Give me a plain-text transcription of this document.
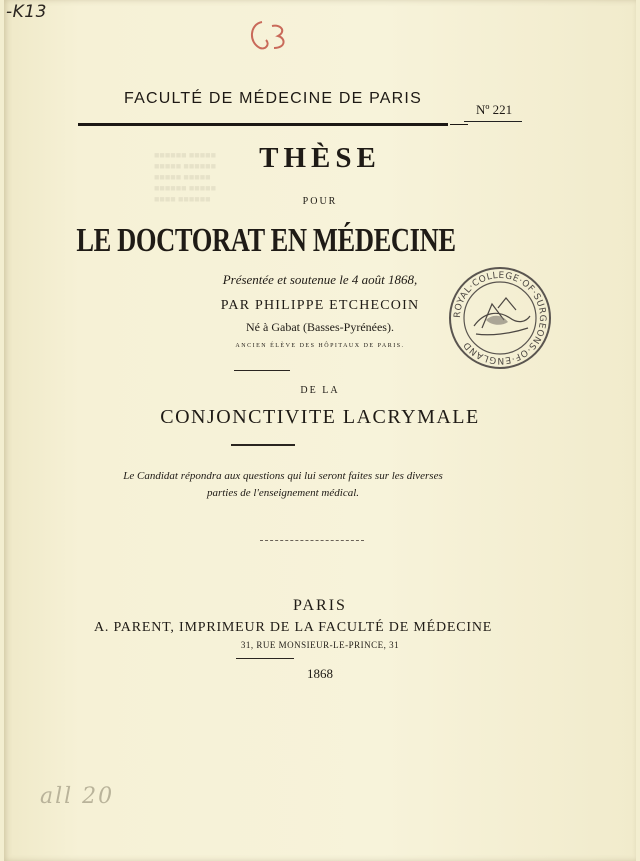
■■■■■■ ■■■■■
■■■■■ ■■■■■■
■■■■■ ■■■■■
■■■■■■ ■■■■■
■■■■ ■■■■■■
-K13
FACULTÉ DE MÉDECINE DE PARIS
Nº 221
THÈSE
POUR
LE DOCTORAT EN MÉDECINE
Présentée et soutenue le 4 août 1868,
PAR PHILIPPE ETCHECOIN
Né à Gabat (Basses-Pyrénées).
ANCIEN ÉLÈVE DES HÔPITAUX DE PARIS.
DE LA
CONJONCTIVITE LACRYMALE
Le Candidat répondra aux questions qui lui seront faites sur les diverses parties de l'enseignement médical.
PARIS
A. PARENT, IMPRIMEUR DE LA FACULTÉ DE MÉDECINE
31, RUE MONSIEUR-LE-PRINCE, 31
1868
ROYAL·COLLEGE·OF·SURGEONS·OF·ENGLAND
all 20
